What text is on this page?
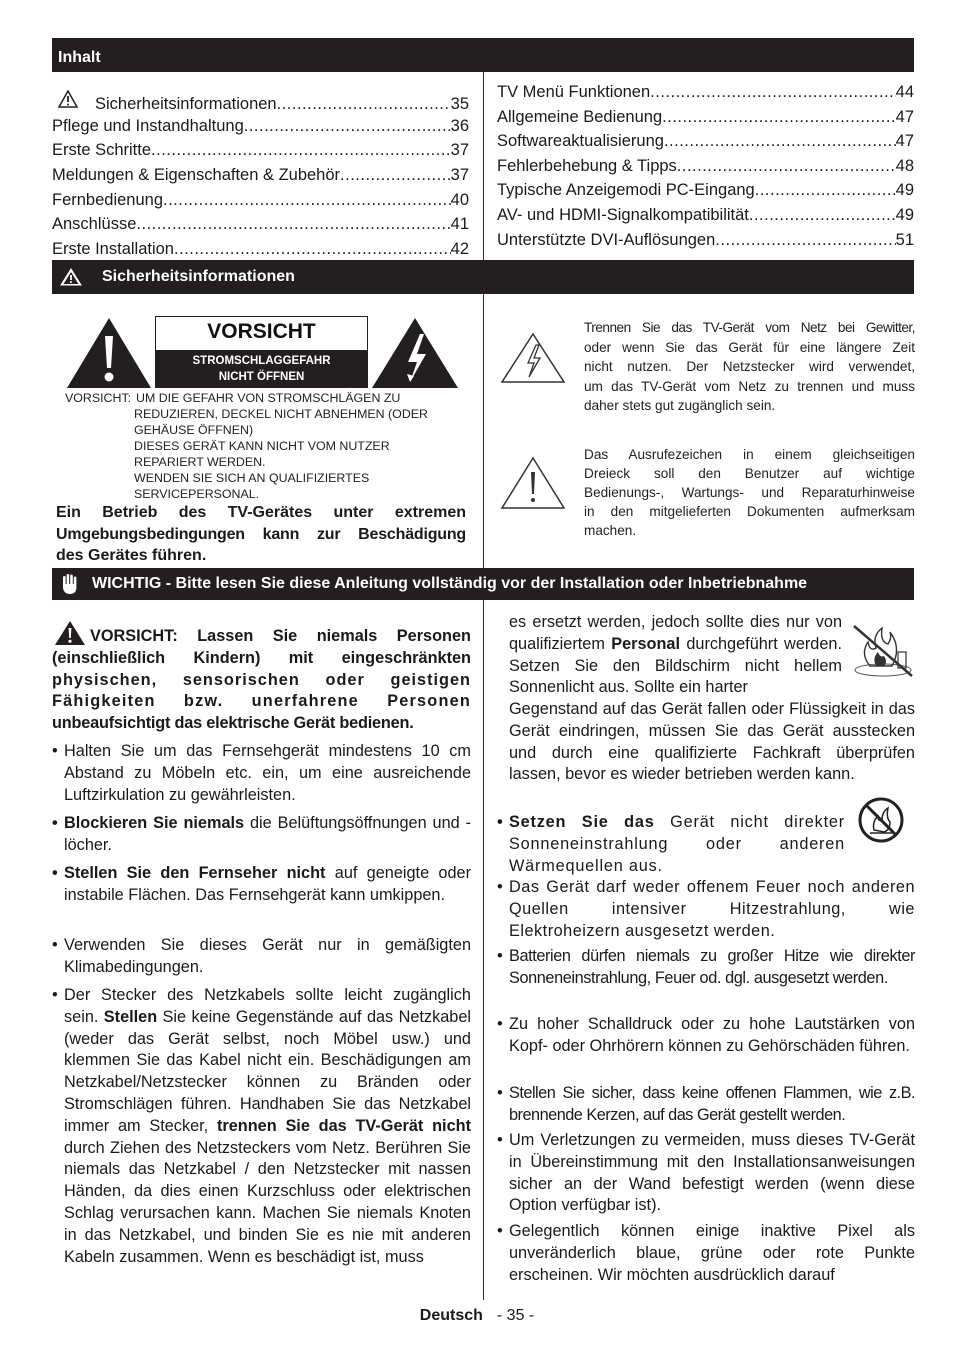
Inhalt
Sicherheitsinformationen .....	35
Pflege und Instandhaltung .....	36
Erste Schritte .....	37
Meldungen & Eigenschaften & Zubehör .....	37
Fernbedienung .....	40
Anschlüsse .....	41
Erste Installation .....	42
TV Menü Funktionen .....	44
Allgemeine Bedienung .....	47
Softwareaktualisierung .....	47
Fehlerbehebung & Tipps .....	48
Typische Anzeigemodi PC-Eingang .....	49
AV- und HDMI-Signalkompatibilität .....	49
Unterstützte DVI-Auflösungen .....	51
Sicherheitsinformationen
VORSICHT
STROMSCHLAGGEFAHR
NICHT ÖFFNEN
VORSICHT: UM DIE GEFAHR VON STROMSCHLÄGEN ZU
REDUZIEREN, DECKEL NICHT ABNEHMEN (ODER
GEHÄUSE ÖFFNEN)
DIESES GERÄT KANN NICHT VOM NUTZER
REPARIERT WERDEN.
WENDEN SIE SICH AN QUALIFIZIERTES
SERVICEPERSONAL.
Ein Betrieb des TV-Gerätes unter extremen
Umgebungsbedingungen kann zur Beschädigung
des Gerätes führen.
Trennen Sie das TV-Gerät vom Netz bei Gewitter,
oder wenn Sie das Gerät für eine längere Zeit
nicht nutzen. Der Netzstecker wird verwendet,
um das TV-Gerät vom Netz zu trennen und muss
daher stets gut zugänglich sein.
Das Ausrufezeichen in einem gleichseitigen
Dreieck soll den Benutzer auf wichtige
Bedienungs-, Wartungs- und Reparaturhinweise
in den mitgelieferten Dokumenten aufmerksam
machen.
WICHTIG - Bitte lesen Sie diese Anleitung vollständig vor der Installation oder Inbetriebnahme
VORSICHT: Lassen Sie niemals Personen
(einschließlich Kindern) mit eingeschränkten
physischen, sensorischen oder geistigen
Fähigkeiten bzw. unerfahrene Personen
unbeaufsichtigt das elektrische Gerät bedienen.
• Halten Sie um das Fernsehgerät mindestens 10 cm Abstand zu Möbeln etc. ein, um eine ausreichende Luftzirkulation zu gewährleisten.
• Blockieren Sie niemals die Belüftungsöffnungen und -löcher.
• Stellen Sie den Fernseher nicht auf geneigte oder instabile Flächen. Das Fernsehgerät kann umkippen.
• Verwenden Sie dieses Gerät nur in gemäßigten Klimabedingungen.
• Der Stecker des Netzkabels sollte leicht zugänglich sein. Stellen Sie keine Gegenstände auf das Netzkabel (weder das Gerät selbst, noch Möbel usw.) und klemmen Sie das Kabel nicht ein. Beschädigungen am Netzkabel/Netzstecker können zu Bränden oder Stromschlägen führen. Handhaben Sie das Netzkabel immer am Stecker, trennen Sie das TV-Gerät nicht durch Ziehen des Netzsteckers vom Netz. Berühren Sie niemals das Netzkabel / den Netzstecker mit nassen Händen, da dies einen Kurzschluss oder elektrischen Schlag verursachen kann. Machen Sie niemals Knoten in das Netzkabel, und binden Sie es nie mit anderen Kabeln zusammen. Wenn es beschädigt ist, muss
es ersetzt werden, jedoch sollte dies nur von qualifiziertem Personal durchgeführt werden. Setzen Sie den Bildschirm nicht hellem Sonnenlicht aus. Sollte ein harter
Gegenstand auf das Gerät fallen oder Flüssigkeit in das Gerät eindringen, müssen Sie das Gerät ausstecken und durch eine qualifizierte Fachkraft überprüfen lassen, bevor es wieder betrieben werden kann.
• Setzen Sie das Gerät nicht direkter Sonneneinstrahlung oder anderen Wärmequellen aus.
• Das Gerät darf weder offenem Feuer noch anderen Quellen intensiver Hitzestrahlung, wie Elektroheizern ausgesetzt werden.
• Batterien dürfen niemals zu großer Hitze wie direkter Sonneneinstrahlung, Feuer od. dgl. ausgesetzt werden.
• Zu hoher Schalldruck oder zu hohe Lautstärken von Kopf- oder Ohrhörern können zu Gehörschäden führen.
• Stellen Sie sicher, dass keine offenen Flammen, wie z.B. brennende Kerzen, auf das Gerät gestellt werden.
• Um Verletzungen zu vermeiden, muss dieses TV-Gerät in Übereinstimmung mit den Installationsanweisungen sicher an der Wand befestigt werden (wenn diese Option verfügbar ist).
• Gelegentlich können einige inaktive Pixel als unveränderlich blaue, grüne oder rote Punkte erscheinen. Wir möchten ausdrücklich darauf
Deutsch - 35 -
